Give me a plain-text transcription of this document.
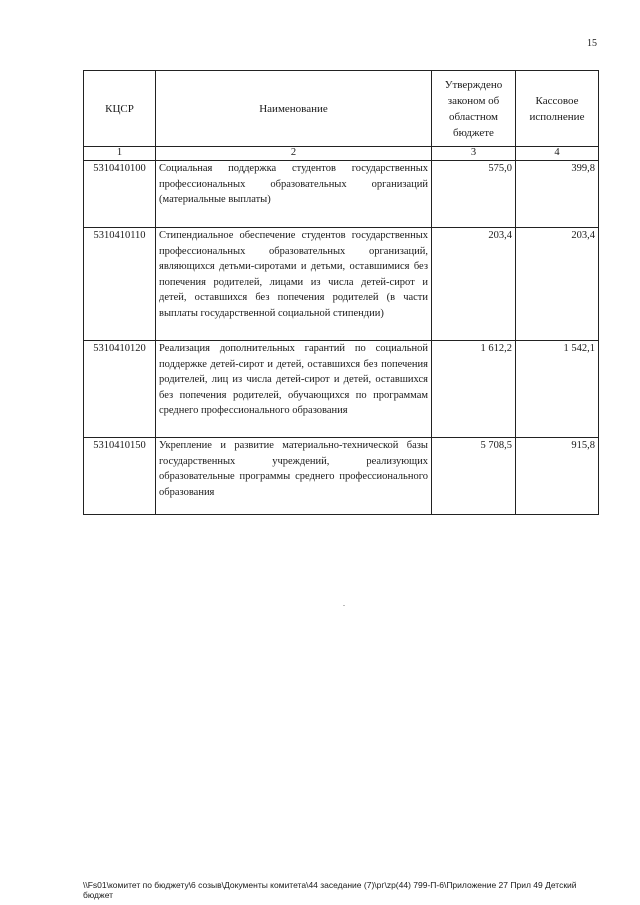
15
КЦСР	Наименование	Утверждено законом об областном бюджете	Кассовое исполнение
1	2	3	4
5310410100	Социальная поддержка студентов государственных профессиональных образовательных организаций (материальные выплаты)	575,0	399,8
5310410110	Стипендиальное обеспечение студентов государственных профессиональных образовательных организаций, являющихся детьми-сиротами и детьми, оставшимися без попечения родителей, лицами из числа детей-сирот и детей, оставшихся без попечения родителей (в части выплаты государственной социальной стипендии)	203,4	203,4
5310410120	Реализация дополнительных гарантий по социальной поддержке детей-сирот и детей, оставшихся без попечения родителей, лиц из числа детей-сирот и детей, оставшихся без попечения родителей, обучающихся по программам среднего профессионального образования	1 612,2	1 542,1
5310410150	Укрепление и развитие материально-технической базы государственных учреждений, реализующих образовательные программы среднего профессионального образования	5 708,5	915,8
\\Fs01\комитет по бюджету\6 созыв\Документы комитета\44 заседание (7)\рг\zp(44) 799-П-6\Приложение 27 Прил 49 Детский бюджет
